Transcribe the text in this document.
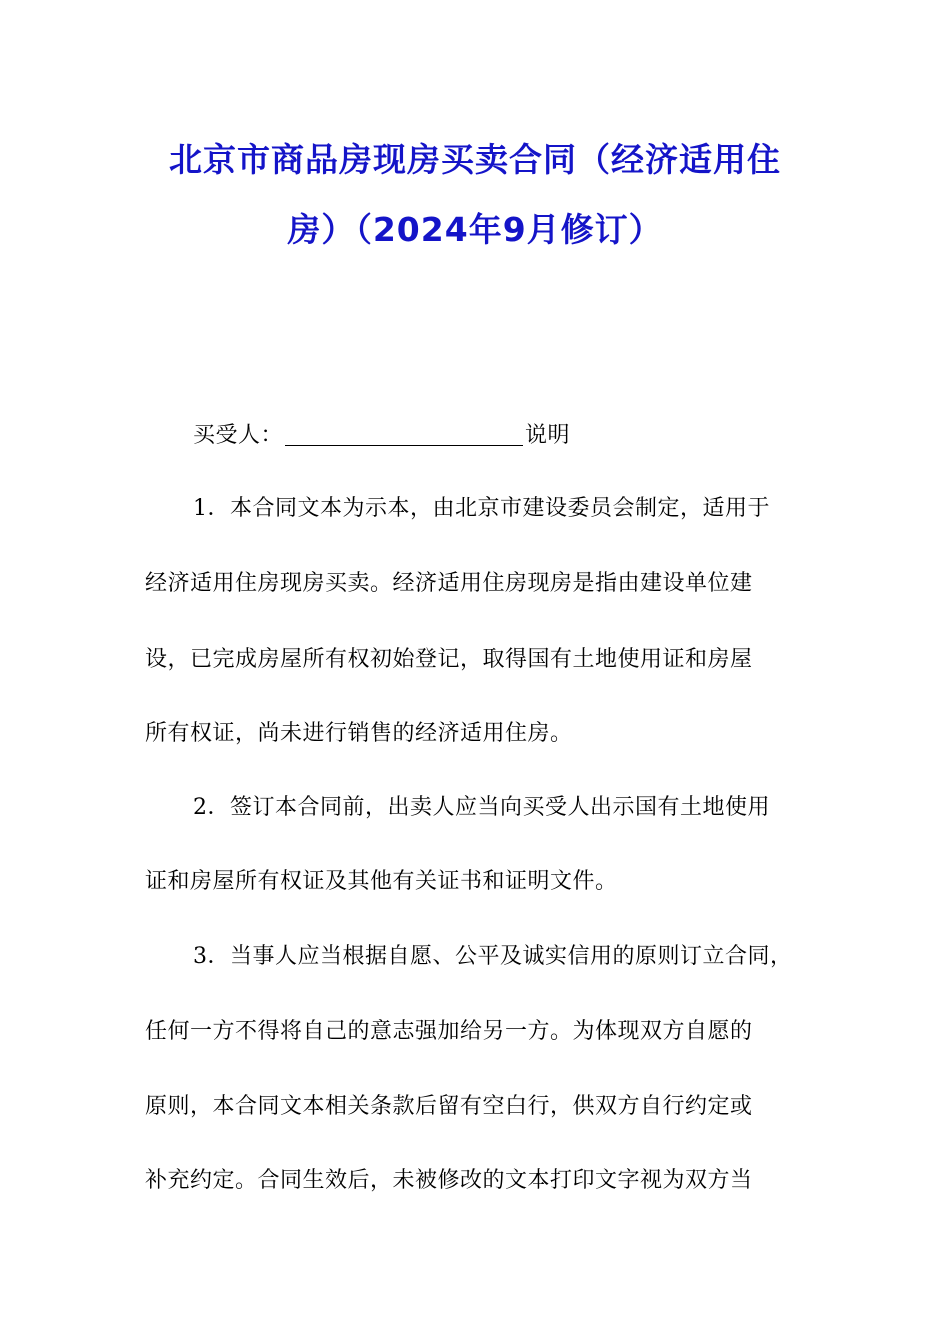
北京市商品房现房买卖合同（经济适用住
房）（2024年9月修订）
买受人：	说明
1．本合同文本为示本，由北京市建设委员会制定，适用于
经济适用住房现房买卖。经济适用住房现房是指由建设单位建
设，已完成房屋所有权初始登记，取得国有土地使用证和房屋
所有权证，尚未进行销售的经济适用住房。
2．签订本合同前，出卖人应当向买受人出示国有土地使用
证和房屋所有权证及其他有关证书和证明文件。
3．当事人应当根据自愿、公平及诚实信用的原则订立合同，
任何一方不得将自己的意志强加给另一方。为体现双方自愿的
原则，本合同文本相关条款后留有空白行，供双方自行约定或
补充约定。合同生效后，未被修改的文本打印文字视为双方当
